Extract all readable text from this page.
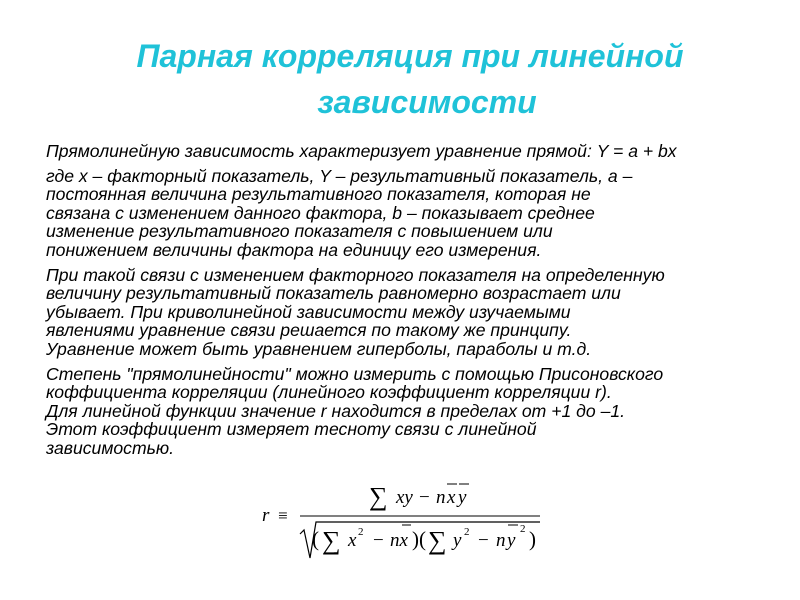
Парная корреляция при линейной
зависимости

Прямолинейную зависимость характеризует уравнение прямой: Y = a + bx

где x – факторный показатель, Y – результативный показатель, a –
постоянная величина результативного показателя, которая не
связана с изменением данного фактора, b – показывает среднее
изменение результативного показателя с повышением или
понижением величины фактора на единицу его измерения.

При такой связи с изменением факторного показателя на определенную
величину результативный показатель равномерно возрастает или
убывает. При криволинейной зависимости между изучаемыми
явлениями уравнение связи решается по такому же принципу.
Уравнение может быть уравнением гиперболы, параболы и т.д.

Степень "прямолинейности" можно измерить с помощью Присоновского
коффициента корреляции (линейного коэффициент корреляции r).
Для линейной функции значение r находится в пределах от +1 до –1.
Этот коэффициент измеряет тесноту связи с линейной
зависимостью.

r ≡
∑ xy − n x y
( ∑ x 2 − nx ) ( ∑ y 2 − n y
2 )
